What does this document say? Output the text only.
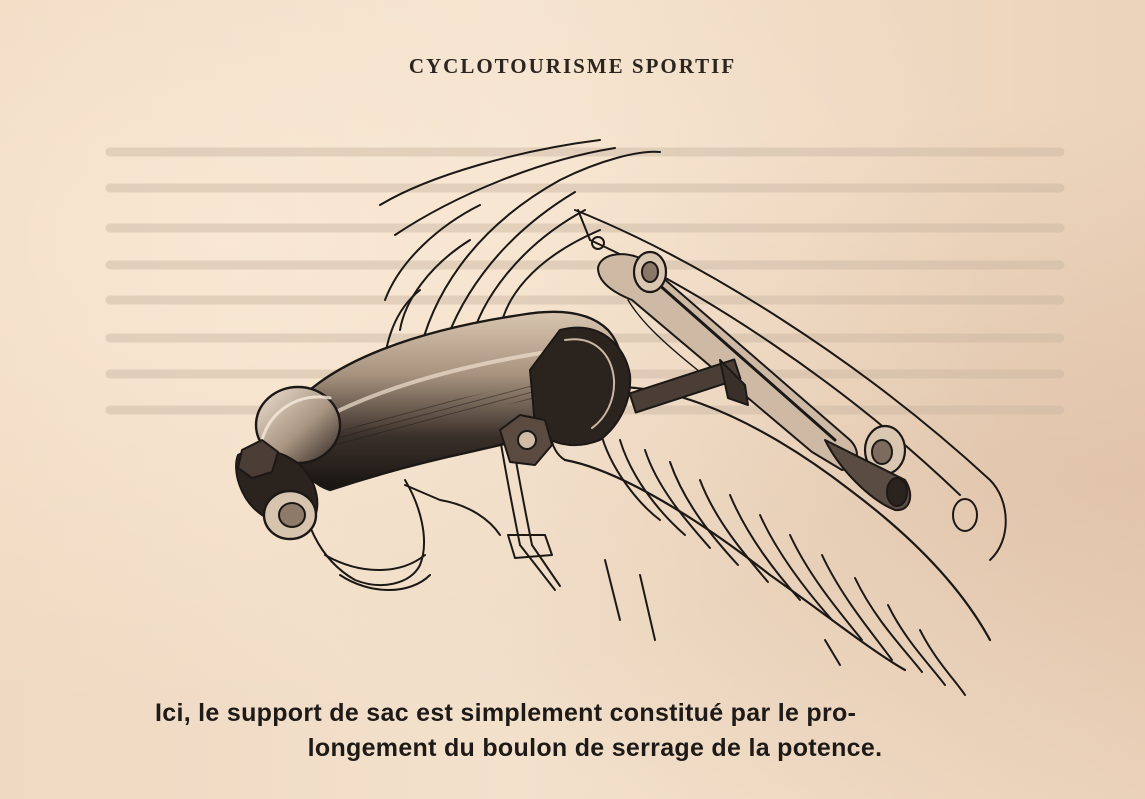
CYCLOTOURISME SPORTIF
Ici, le support de sac est simplement constitué par le pro-
longement du boulon de serrage de la potence.
